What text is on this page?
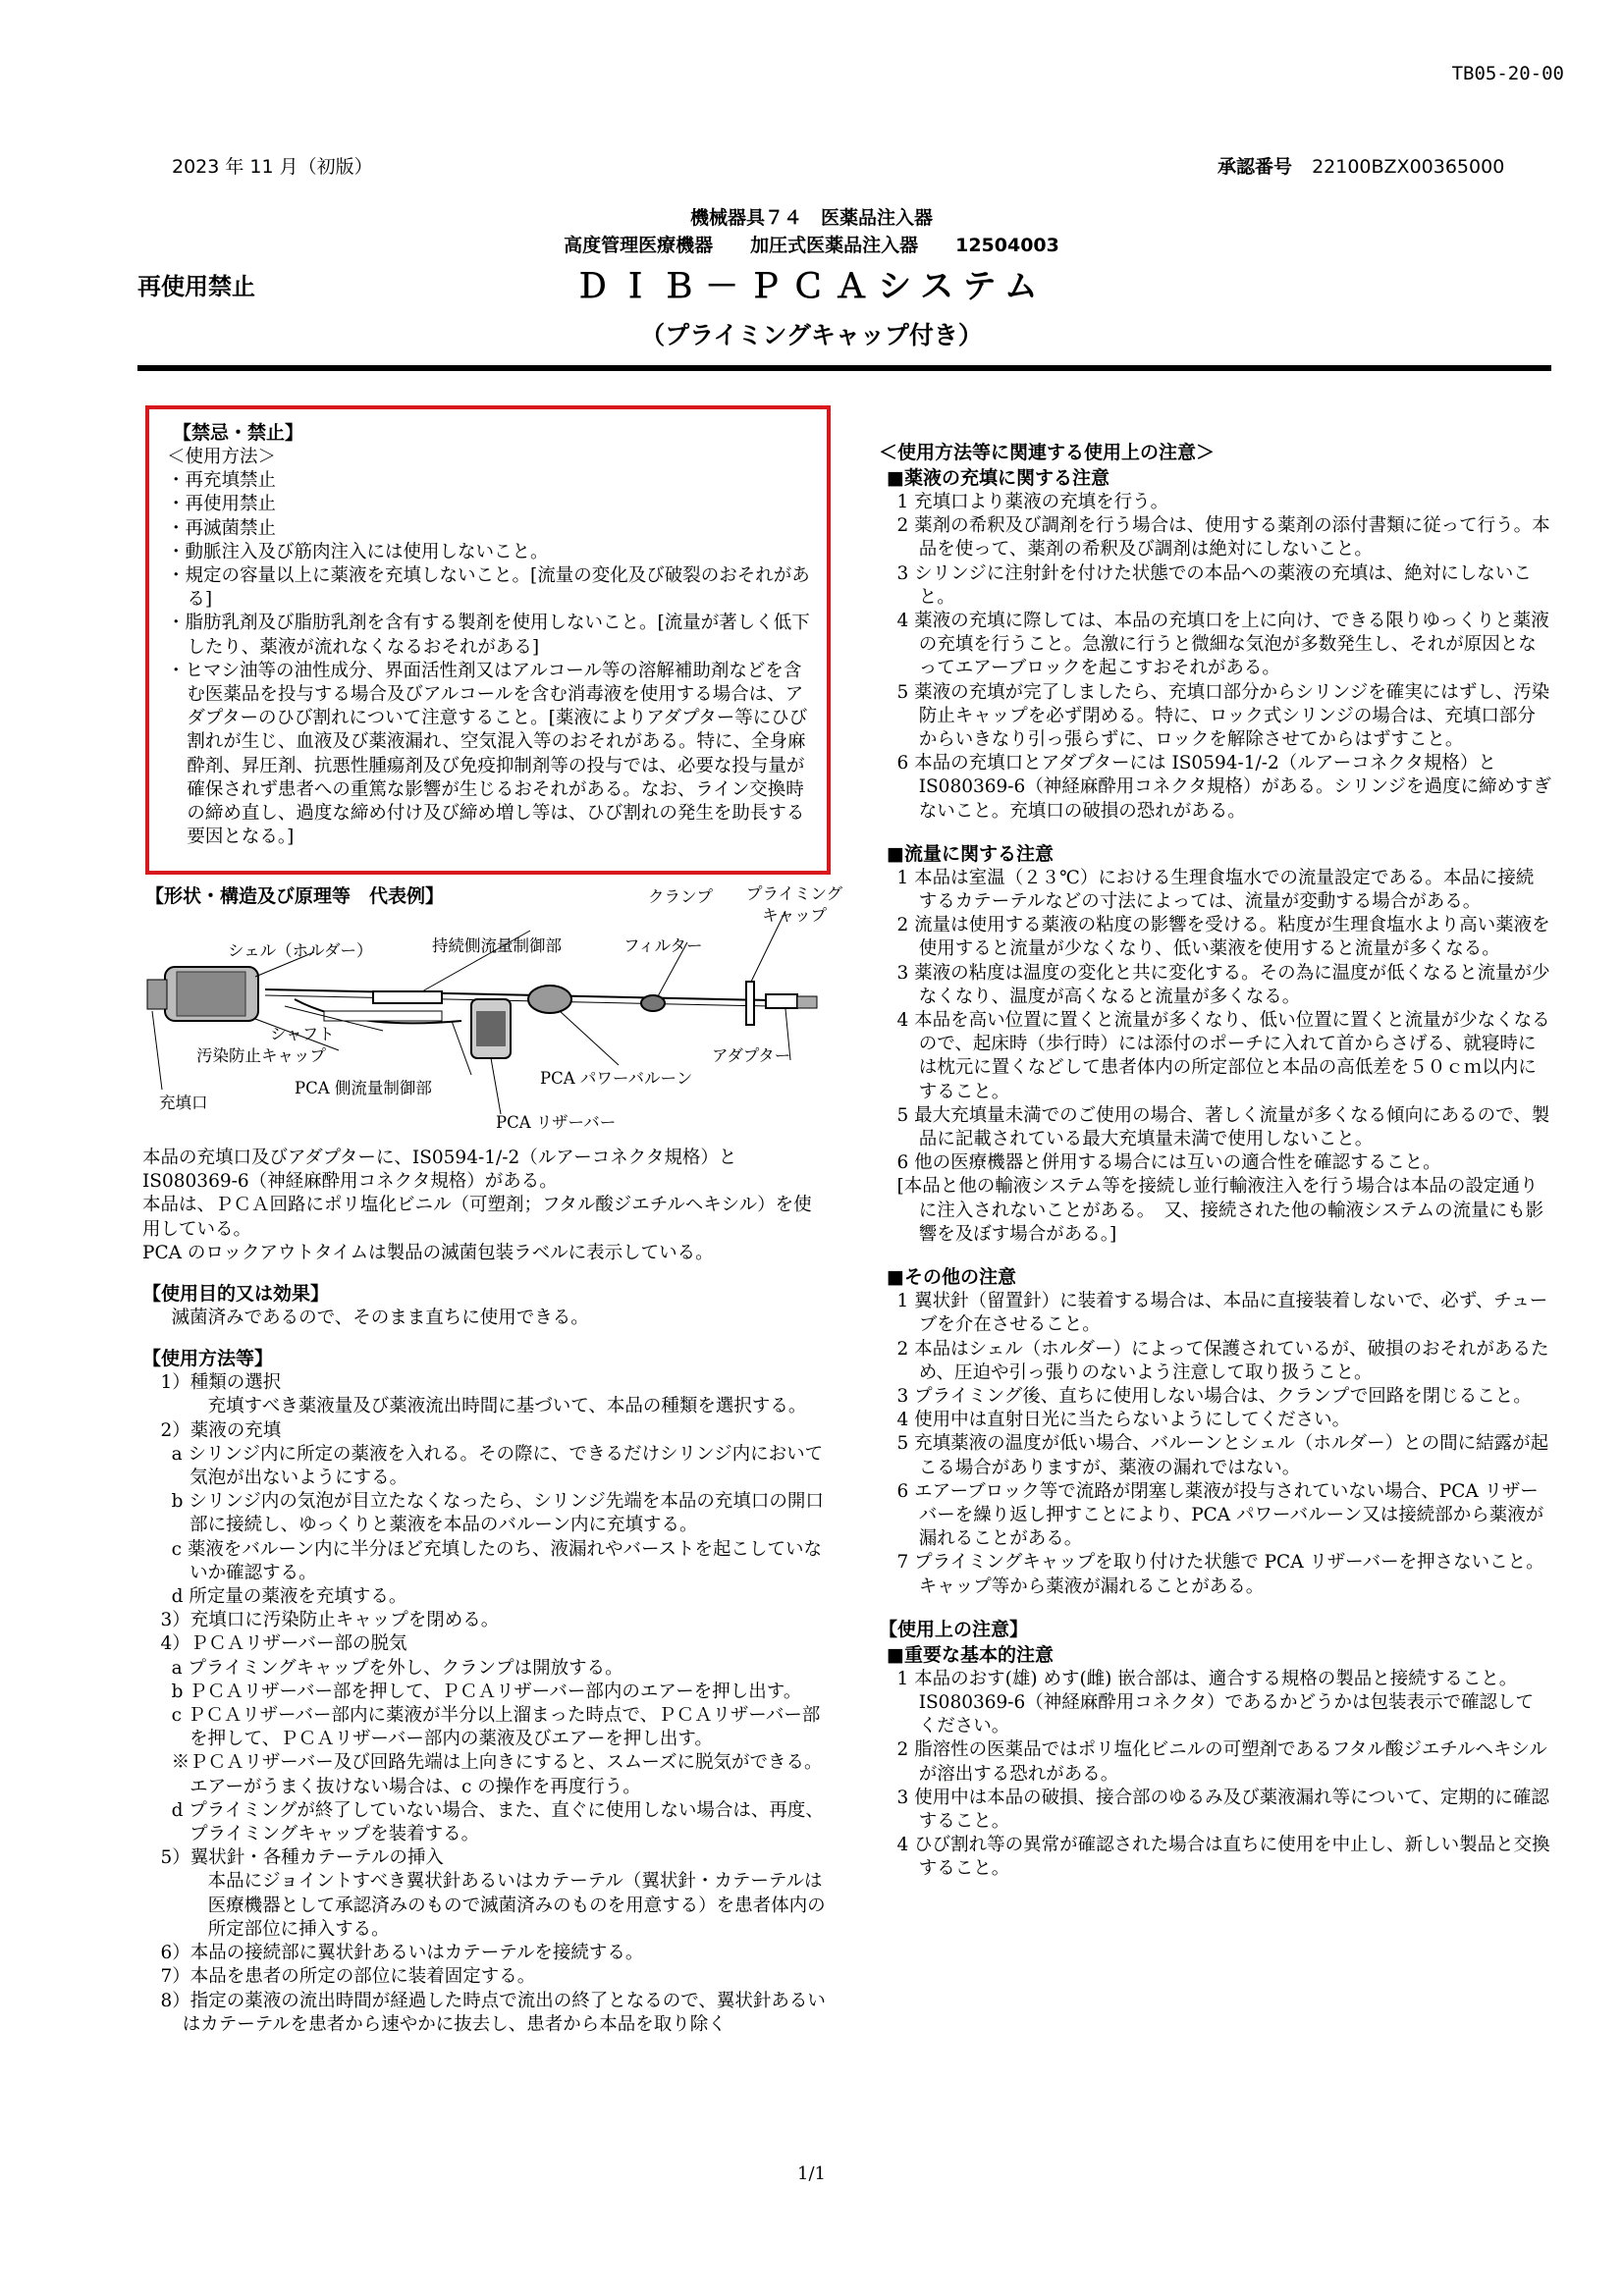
TB05-20-00
2023 年 11 月（初版）	承認番号 22100BZX00365000
機械器具７４　医薬品注入器
高度管理医療機器　　加圧式医薬品注入器　　12504003
再使用禁止	ＤＩＢ－ＰＣＡシステム
（プライミングキャップ付き）

【禁忌・禁止】

＜使用方法＞

・再充填禁止

・再使用禁止

・再滅菌禁止

・動脈注入及び筋肉注入には使用しないこと。

・規定の容量以上に薬液を充填しないこと。[流量の変化及び破裂のおそれがある]

・脂肪乳剤及び脂肪乳剤を含有する製剤を使用しないこと。[流量が著しく低下したり、薬液が流れなくなるおそれがある]

・ヒマシ油等の油性成分、界面活性剤又はアルコール等の溶解補助剤などを含む医薬品を投与する場合及びアルコールを含む消毒液を使用する場合は、アダプターのひび割れについて注意すること。[薬液によりアダプター等にひび割れが生じ、血液及び薬液漏れ、空気混入等のおそれがある。特に、全身麻酔剤、昇圧剤、抗悪性腫瘍剤及び免疫抑制剤等の投与では、必要な投与量が確保されず患者への重篤な影響が生じるおそれがある。なお、ライン交換時の締め直し、過度な締め付け及び締め増し等は、ひび割れの発生を助長する要因となる。]

【形状・構造及び原理等　代表例】	クランプ プライミング
キャップ
シェル（ホルダー）	持続側流量制御部	フィルター
シャフト
汚染防止キャップ	アダプター
充填口
PCA 側流量制御部
PCA パワーバルーン
PCA リザーバー

本品の充填口及びアダプターに、IS0594-1/-2（ルアーコネクタ規格）と IS080369-6（神経麻酔用コネクタ規格）がある。

本品は、ＰＣＡ回路にポリ塩化ビニル（可塑剤；フタル酸ジエチルヘキシル）を使用している。

PCA のロックアウトタイムは製品の滅菌包装ラベルに表示している。

【使用目的又は効果】

滅菌済みであるので、そのまま直ちに使用できる。

【使用方法等】

1）種類の選択

充填すべき薬液量及び薬液流出時間に基づいて、本品の種類を選択する。

2）薬液の充填

a シリンジ内に所定の薬液を入れる。その際に、できるだけシリンジ内において気泡が出ないようにする。

b シリンジ内の気泡が目立たなくなったら、シリンジ先端を本品の充填口の開口部に接続し、ゆっくりと薬液を本品のバルーン内に充填する。

c 薬液をバルーン内に半分ほど充填したのち、液漏れやバーストを起こしていないか確認する。

d 所定量の薬液を充填する。

3）充填口に汚染防止キャップを閉める。

4）ＰＣＡリザーバー部の脱気

a プライミングキャップを外し、クランプは開放する。

b ＰＣＡリザーバー部を押して、ＰＣＡリザーバー部内のエアーを押し出す。

c ＰＣＡリザーバー部内に薬液が半分以上溜まった時点で、ＰＣＡリザーバー部を押して、ＰＣＡリザーバー部内の薬液及びエアーを押し出す。

※ＰＣＡリザーバー及び回路先端は上向きにすると、スムーズに脱気ができる。エアーがうまく抜けない場合は、c の操作を再度行う。

d プライミングが終了していない場合、また、直ぐに使用しない場合は、再度、プライミングキャップを装着する。

5）翼状針・各種カテーテルの挿入

本品にジョイントすべき翼状針あるいはカテーテル（翼状針・カテーテルは医療機器として承認済みのもので滅菌済みのものを用意する）を患者体内の所定部位に挿入する。

6）本品の接続部に翼状針あるいはカテーテルを接続する。

7）本品を患者の所定の部位に装着固定する。

8）指定の薬液の流出時間が経過した時点で流出の終了となるので、翼状針あるいはカテーテルを患者から速やかに抜去し、患者から本品を取り除く

＜使用方法等に関連する使用上の注意＞

■薬液の充填に関する注意

1 充填口より薬液の充填を行う。

2 薬剤の希釈及び調剤を行う場合は、使用する薬剤の添付書類に従って行う。本品を使って、薬剤の希釈及び調剤は絶対にしないこと。

3 シリンジに注射針を付けた状態での本品への薬液の充填は、絶対にしないこと。

4 薬液の充填に際しては、本品の充填口を上に向け、できる限りゆっくりと薬液の充填を行うこと。急激に行うと微細な気泡が多数発生し、それが原因となってエアーブロックを起こすおそれがある。

5 薬液の充填が完了しましたら、充填口部分からシリンジを確実にはずし、汚染防止キャップを必ず閉める。特に、ロック式シリンジの場合は、充填口部分からいきなり引っ張らずに、ロックを解除させてからはずすこと。

6 本品の充填口とアダプターには IS0594-1/-2（ルアーコネクタ規格）と IS080369-6（神経麻酔用コネクタ規格）がある。シリンジを過度に締めすぎないこと。充填口の破損の恐れがある。

■流量に関する注意

1 本品は室温（２３℃）における生理食塩水での流量設定である。本品に接続するカテーテルなどの寸法によっては、流量が変動する場合がある。

2 流量は使用する薬液の粘度の影響を受ける。粘度が生理食塩水より高い薬液を使用すると流量が少なくなり、低い薬液を使用すると流量が多くなる。

3 薬液の粘度は温度の変化と共に変化する。その為に温度が低くなると流量が少なくなり、温度が高くなると流量が多くなる。

4 本品を高い位置に置くと流量が多くなり、低い位置に置くと流量が少なくなるので、起床時（歩行時）には添付のポーチに入れて首からさげる、就寝時には枕元に置くなどして患者体内の所定部位と本品の高低差を５０ｃｍ以内にすること。

5 最大充填量未満でのご使用の場合、著しく流量が多くなる傾向にあるので、製品に記載されている最大充填量未満で使用しないこと。

6 他の医療機器と併用する場合には互いの適合性を確認すること。

[本品と他の輸液システム等を接続し並行輸液注入を行う場合は本品の設定通りに注入されないことがある。　又、接続された他の輸液システムの流量にも影響を及ぼす場合がある。]

■その他の注意

1 翼状針（留置針）に装着する場合は、本品に直接装着しないで、必ず、チューブを介在させること。

2 本品はシェル（ホルダー）によって保護されているが、破損のおそれがあるため、圧迫や引っ張りのないよう注意して取り扱うこと。

3 プライミング後、直ちに使用しない場合は、クランプで回路を閉じること。

4 使用中は直射日光に当たらないようにしてください。

5 充填薬液の温度が低い場合、バルーンとシェル（ホルダー）との間に結露が起こる場合がありますが、薬液の漏れではない。

6 エアーブロック等で流路が閉塞し薬液が投与されていない場合、PCA リザーバーを繰り返し押すことにより、PCA パワーバルーン又は接続部から薬液が漏れることがある。

7 プライミングキャップを取り付けた状態で PCA リザーバーを押さないこと。キャップ等から薬液が漏れることがある。

【使用上の注意】

■重要な基本的注意

1 本品のおす(雄) めす(雌) 嵌合部は、適合する規格の製品と接続すること。IS080369-6（神経麻酔用コネクタ）であるかどうかは包装表示で確認してください。

2 脂溶性の医薬品ではポリ塩化ビニルの可塑剤であるフタル酸ジエチルヘキシルが溶出する恐れがある。

3 使用中は本品の破損、接合部のゆるみ及び薬液漏れ等について、定期的に確認すること。

4 ひび割れ等の異常が確認された場合は直ちに使用を中止し、新しい製品と交換すること。

1/1
